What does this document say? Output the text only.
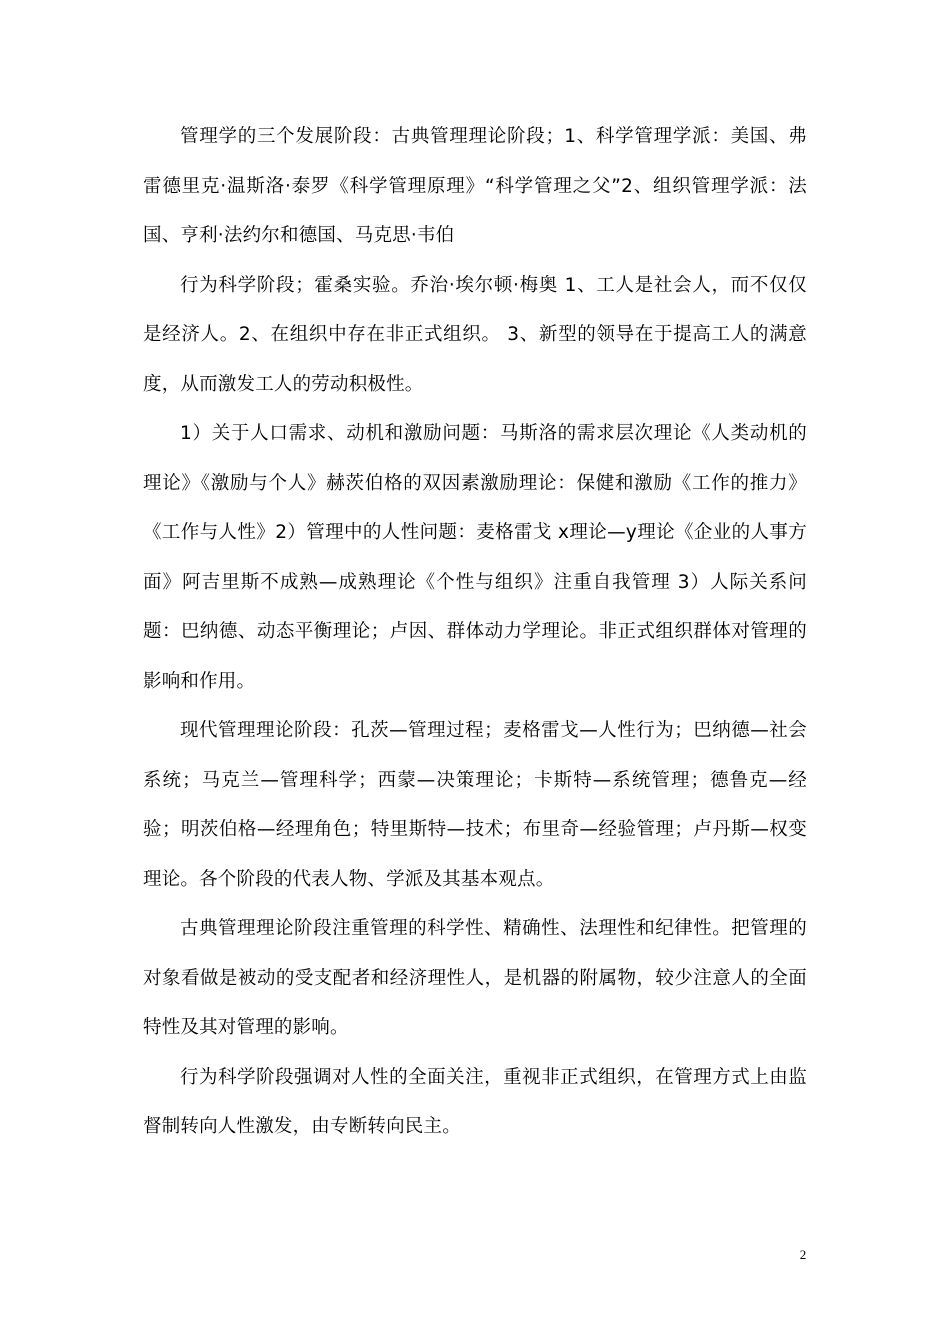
管理学的三个发展阶段：古典管理理论阶段；1、科学管理学派：美国、弗雷德里克·温斯洛·泰罗《科学管理原理》“科学管理之父”2、组织管理学派：法国、亨利·法约尔和德国、马克思·韦伯

行为科学阶段；霍桑实验。乔治·埃尔顿·梅奥 1、工人是社会人，而不仅仅是经济人。2、在组织中存在非正式组织。 3、新型的领导在于提高工人的满意度，从而激发工人的劳动积极性。

1）关于人口需求、动机和激励问题：马斯洛的需求层次理论《人类动机的理论》《激励与个人》赫茨伯格的双因素激励理论：保健和激励《工作的推力》《工作与人性》2）管理中的人性问题：麦格雷戈 x理论—y理论《企业的人事方面》阿吉里斯不成熟—成熟理论《个性与组织》注重自我管理 3）人际关系问题：巴纳德、动态平衡理论；卢因、群体动力学理论。非正式组织群体对管理的影响和作用。

现代管理理论阶段：孔茨—管理过程；麦格雷戈—人性行为；巴纳德—社会系统；马克兰—管理科学；西蒙—决策理论；卡斯特—系统管理；德鲁克—经验；明茨伯格—经理角色；特里斯特—技术；布里奇—经验管理；卢丹斯—权变理论。各个阶段的代表人物、学派及其基本观点。

古典管理理论阶段注重管理的科学性、精确性、法理性和纪律性。把管理的对象看做是被动的受支配者和经济理性人，是机器的附属物，较少注意人的全面特性及其对管理的影响。

行为科学阶段强调对人性的全面关注，重视非正式组织，在管理方式上由监督制转向人性激发，由专断转向民主。

2
